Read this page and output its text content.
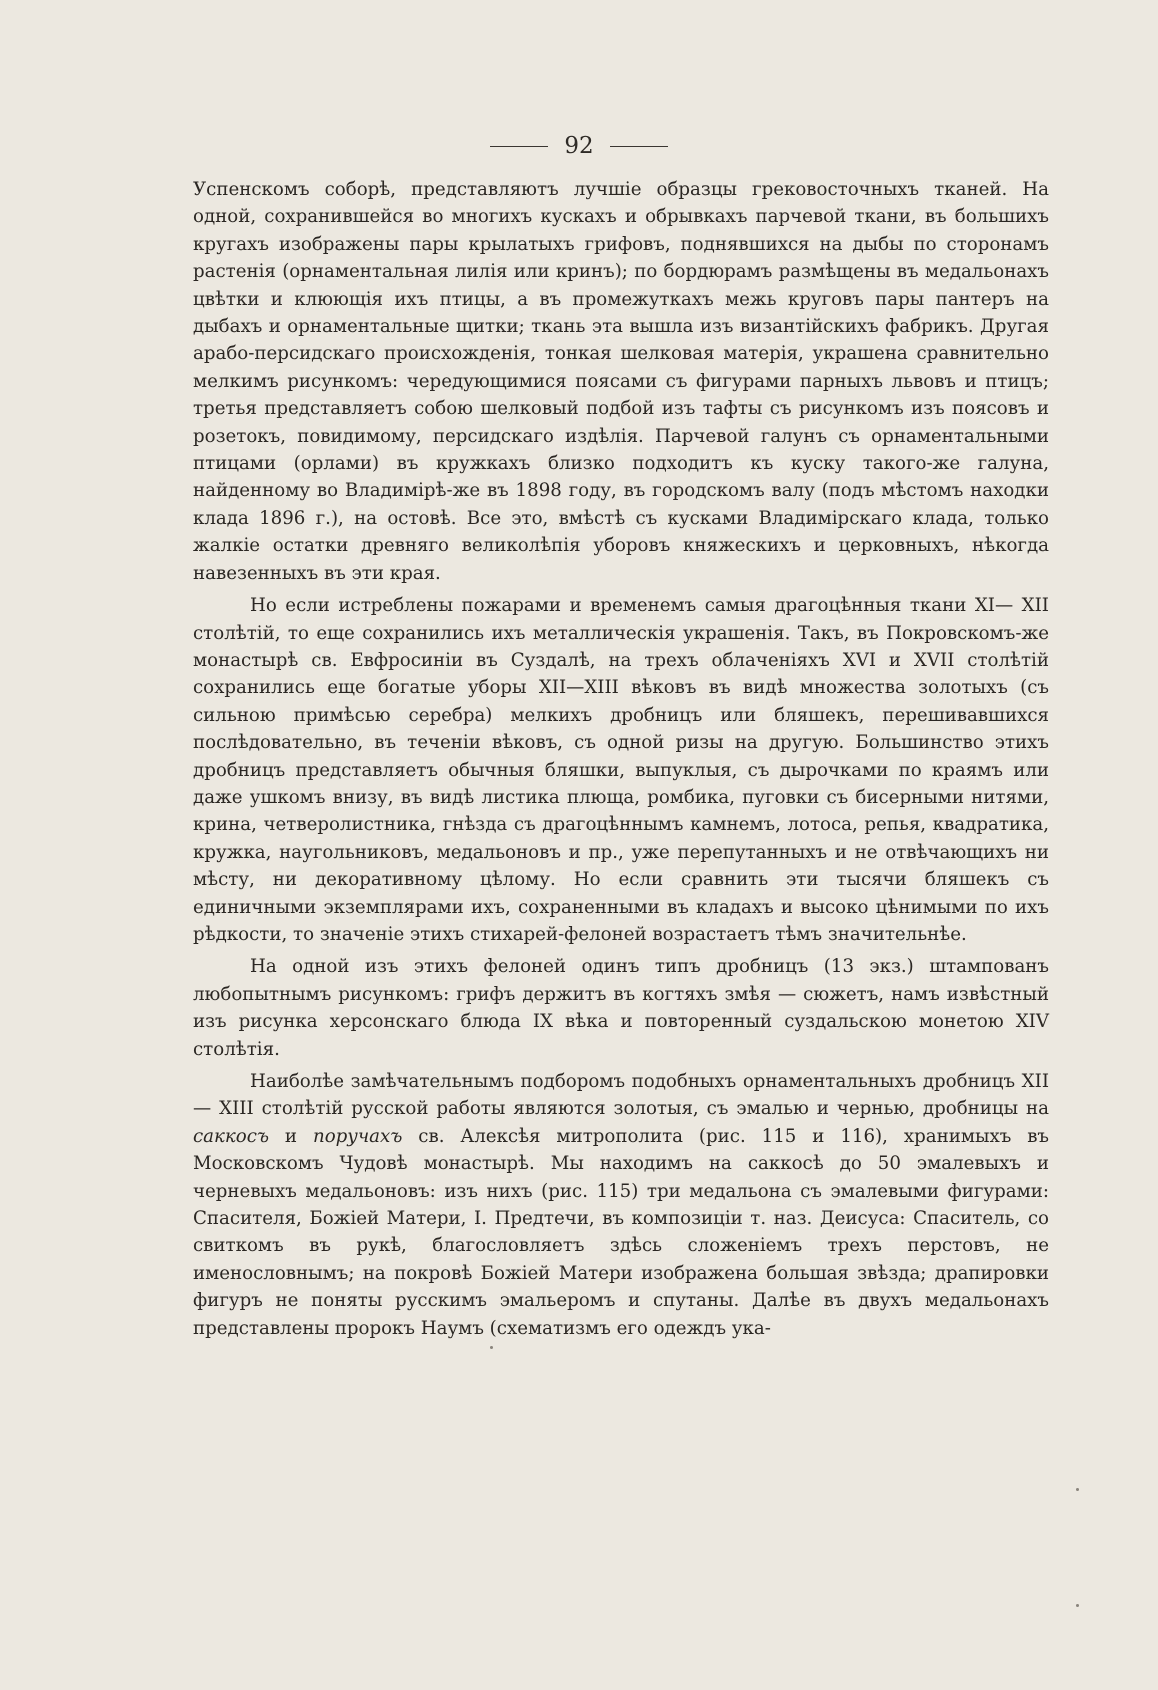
92

Успенскомъ соборѣ, представляютъ лучшіе образцы грековосточныхъ тканей. На одной, сохранившейся во многихъ кускахъ и обрывкахъ парчевой ткани, въ большихъ кругахъ изображены пары крылатыхъ грифовъ, поднявшихся на дыбы по сторонамъ растенія (орнаментальная лилія или кринъ); по бордюрамъ размѣщены въ медальонахъ цвѣтки и клюющія ихъ птицы, а въ промежуткахъ межь круговъ пары пантеръ на дыбахъ и орнаментальные щитки; ткань эта вышла изъ византійскихъ фабрикъ. Другая арабо-персидскаго происхожденія, тонкая шелковая матерія, украшена сравнительно мелкимъ рисункомъ: чередующимися поясами съ фигурами парныхъ львовъ и птицъ; третья представляетъ собою шелковый подбой изъ тафты съ рисункомъ изъ поясовъ и розетокъ, повидимому, персидскаго издѣлія. Парчевой галунъ съ орнаментальными птицами (орлами) въ кружкахъ близко подходитъ къ куску такого-же галуна, найденному во Владимірѣ-же въ 1898 году, въ городскомъ валу (подъ мѣстомъ находки клада 1896 г.), на остовѣ. Все это, вмѣстѣ съ кусками Владимірскаго клада, только жалкіе остатки древняго великолѣпія уборовъ княжескихъ и церковныхъ, нѣкогда навезенныхъ въ эти края.

Но если истреблены пожарами и временемъ самыя драгоцѣнныя ткани XI— XII столѣтій, то еще сохранились ихъ металлическія украшенія. Такъ, въ Покровскомъ-же монастырѣ св. Евфросиніи въ Суздалѣ, на трехъ облаченіяхъ XVI и XVII столѣтій сохранились еще богатые уборы XII—XIII вѣковъ въ видѣ множества золотыхъ (съ сильною примѣсью серебра) мелкихъ дробницъ или бляшекъ, перешивавшихся послѣдовательно, въ теченіи вѣковъ, съ одной ризы на другую. Большинство этихъ дробницъ представляетъ обычныя бляшки, выпуклыя, съ дырочками по краямъ или даже ушкомъ внизу, въ видѣ листика плюща, ромбика, пуговки съ бисерными нитями, крина, четверолистника, гнѣзда съ драгоцѣннымъ камнемъ, лотоса, репья, квадратика, кружка, наугольниковъ, медальоновъ и пр., уже перепутанныхъ и не отвѣчающихъ ни мѣсту, ни декоративному цѣлому. Но если сравнить эти тысячи бляшекъ съ единичными экземплярами ихъ, сохраненными въ кладахъ и высоко цѣнимыми по ихъ рѣдкости, то значеніе этихъ стихарей-фелоней возрастаетъ тѣмъ значительнѣе.

На одной изъ этихъ фелоней одинъ типъ дробницъ (13 экз.) штампованъ любопытнымъ рисункомъ: грифъ держитъ въ когтяхъ змѣя — сюжетъ, намъ извѣстный изъ рисунка херсонскаго блюда IX вѣка и повторенный суздальскою монетою XIV столѣтія.

Наиболѣе замѣчательнымъ подборомъ подобныхъ орнаментальныхъ дробницъ XII — XIII столѣтій русской работы являются золотыя, съ эмалью и чернью, дробницы на саккосъ и поручахъ св. Алексѣя митрополита (рис. 115 и 116), хранимыхъ въ Московскомъ Чудовѣ монастырѣ. Мы находимъ на саккосѣ до 50 эмалевыхъ и черневыхъ медальоновъ: изъ нихъ (рис. 115) три медальона съ эмалевыми фигурами: Спасителя, Божіей Матери, І. Предтечи, въ композиціи т. наз. Деисуса: Спаситель, со свиткомъ въ рукѣ, благословляетъ здѣсь сложеніемъ трехъ перстовъ, не именословнымъ; на покровѣ Божіей Матери изображена большая звѣзда; драпировки фигуръ не поняты русскимъ эмальеромъ и спутаны. Далѣе въ двухъ медальонахъ представлены пророкъ Наумъ (схематизмъ его одеждъ ука-
